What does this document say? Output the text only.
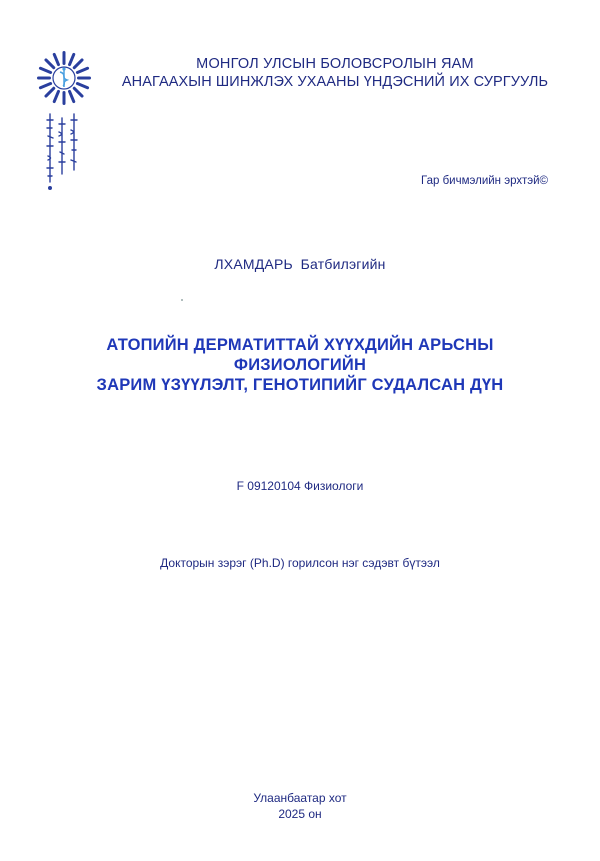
МОНГОЛ УЛСЫН БОЛОВСРОЛЫН ЯАМ
АНАГААХЫН ШИНЖЛЭХ УХААНЫ ҮНДЭСНИЙ ИХ СУРГУУЛЬ
Гар бичмэлийн эрхтэй©
ЛХАМДАРЬ Батбилэгийн
АТОПИЙН ДЕРМАТИТТАЙ ХҮҮХДИЙН АРЬСНЫ ФИЗИОЛОГИЙН
ЗАРИМ ҮЗҮҮЛЭЛТ, ГЕНОТИПИЙГ СУДАЛСАН ДҮН
F 09120104 Физиологи
Докторын зэрэг (Ph.D) горилсон нэг сэдэвт бүтээл
Улаанбаатар хот
2025 он
